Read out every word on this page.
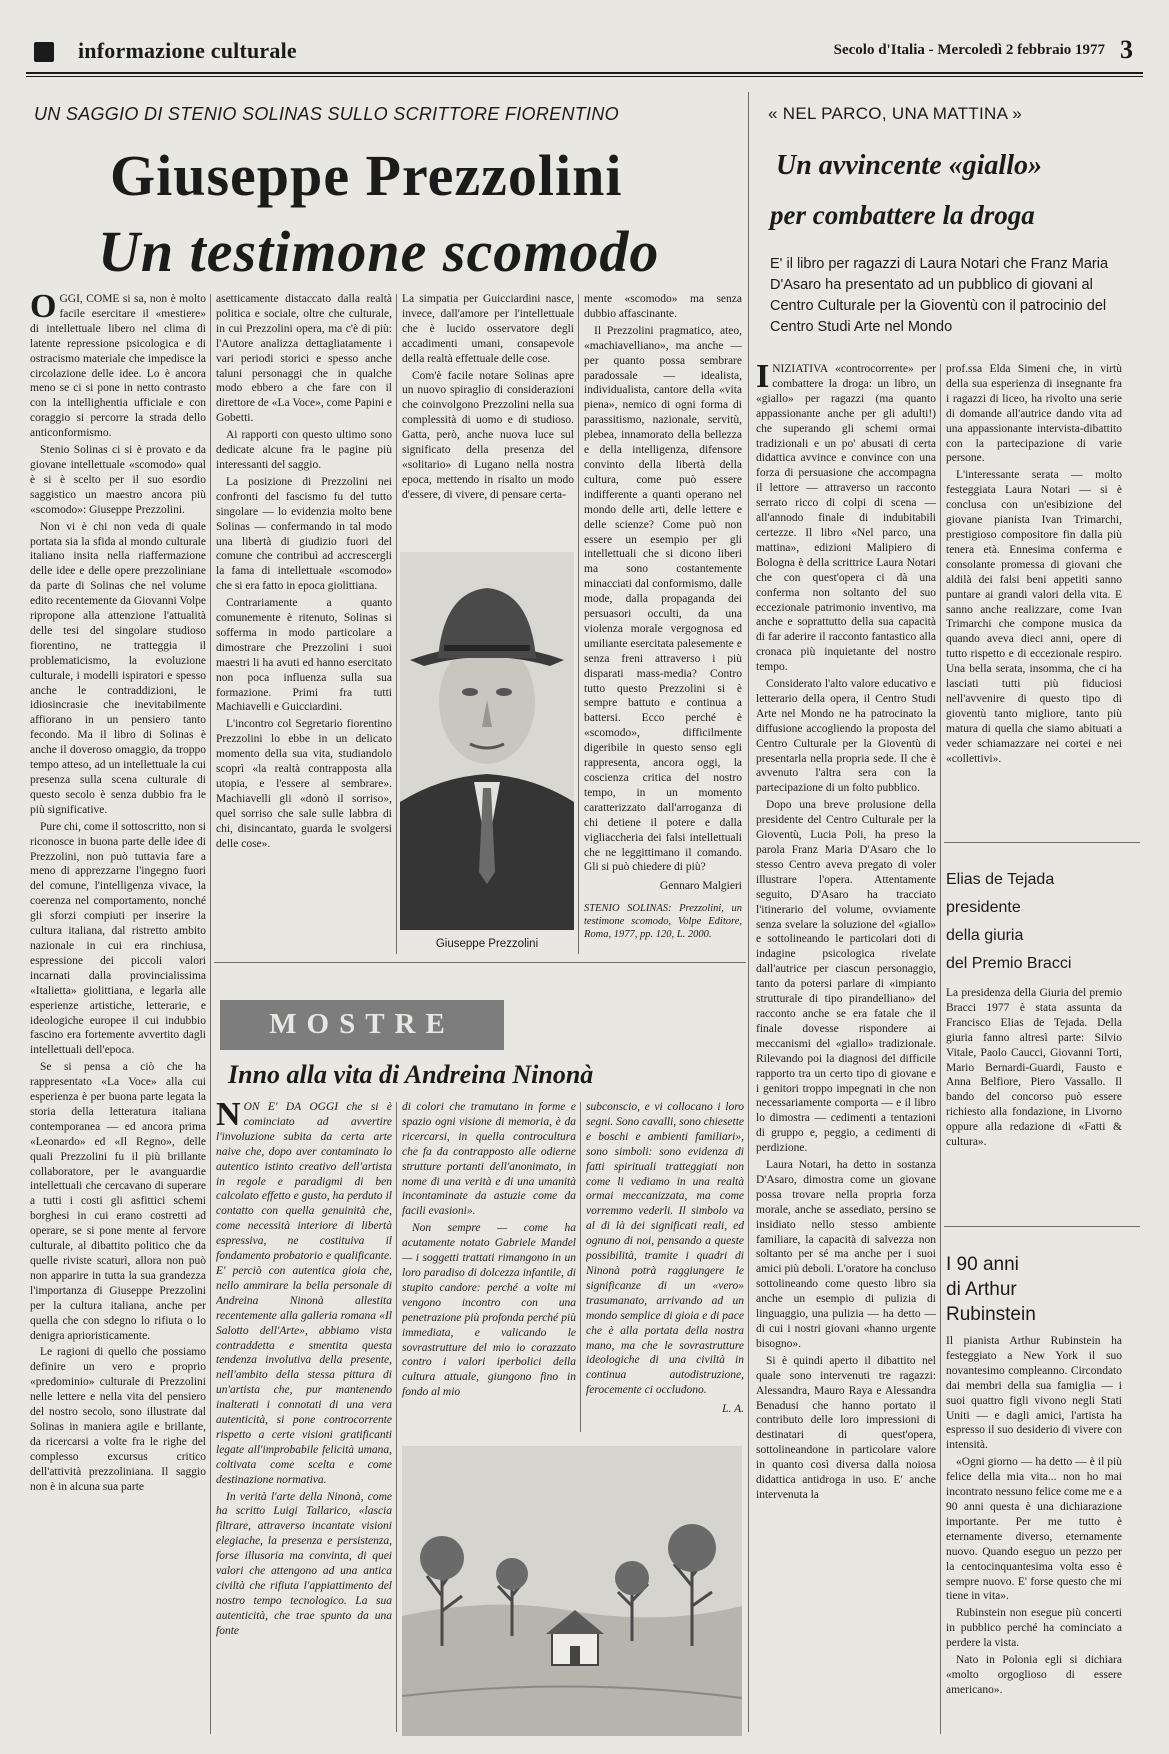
informazione culturale	Secolo d'Italia - Mercoledì 2 febbraio 1977 3
UN SAGGIO DI STENIO SOLINAS SULLO SCRITTORE FIORENTINO
Giuseppe Prezzolini
Un testimone scomodo

OGGI, COME si sa, non è molto facile esercitare il «mestiere» di intellettuale libero nel clima di latente repressione psicologica e di ostracismo materiale che impedisce la circolazione delle idee. Lo è ancora meno se ci si pone in netto contrasto con la intellighentia ufficiale e con coraggio si percorre la strada dello anticonformismo.

Stenio Solinas ci si è provato e da giovane intellettuale «scomodo» qual è si è scelto per il suo esordio saggistico un maestro ancora più «scomodo»: Giuseppe Prezzolini.

Non vi è chi non veda di quale portata sia la sfida al mondo culturale italiano insita nella riaffermazione delle idee e delle opere prezzoliniane da parte di Solinas che nel volume edito recentemente da Giovanni Volpe ripropone alla attenzione l'attualità delle tesi del singolare studioso fiorentino, ne tratteggia il problematicismo, la evoluzione culturale, i modelli ispiratori e spesso anche le contraddizioni, le idiosincrasie che inevitabilmente affiorano in un pensiero tanto fecondo. Ma il libro di Solinas è anche il doveroso omaggio, da troppo tempo atteso, ad un intellettuale la cui presenza sulla scena culturale di questo secolo è senza dubbio fra le più significative.

Pure chi, come il sottoscritto, non si riconosce in buona parte delle idee di Prezzolini, non può tuttavia fare a meno di apprezzarne l'ingegno fuori del comune, l'intelligenza vivace, la coerenza nel comportamento, nonché gli sforzi compiuti per inserire la cultura italiana, dal ristretto ambito nazionale in cui era rinchiusa, espressione dei piccoli valori incarnati dalla provincialissima «Italietta» giolittiana, e legarla alle esperienze artistiche, letterarie, e ideologiche europee il cui indubbio fascino era fortemente avvertito dagli intellettuali dell'epoca.

Se si pensa a ciò che ha rappresentato «La Voce» alla cui esperienza è per buona parte legata la storia della letteratura italiana contemporanea — ed ancora prima «Leonardo» ed «Il Regno», delle quali Prezzolini fu il più brillante collaboratore, per le avanguardie intellettuali che cercavano di superare a tutti i costi gli asfittici schemi borghesi in cui erano costretti ad operare, se si pone mente al fervore culturale, al dibattito politico che da quelle riviste scaturì, allora non può non apparire in tutta la sua grandezza l'importanza di Giuseppe Prezzolini per la cultura italiana, anche per quella che con sdegno lo rifiuta o lo denigra aprioristicamente.

Le ragioni di quello che possiamo definire un vero e proprio «predominio» culturale di Prezzolini nelle lettere e nella vita del pensiero del nostro secolo, sono illustrate dal Solinas in maniera agile e brillante, da ricercarsi a volte fra le righe del complesso excursus critico dell'attività prezzoliniana. Il saggio non è in alcuna sua parte

asetticamente distaccato dalla realtà politica e sociale, oltre che culturale, in cui Prezzolini opera, ma c'è di più: l'Autore analizza dettagliatamente i vari periodi storici e spesso anche taluni personaggi che in qualche modo ebbero a che fare con il direttore de «La Voce», come Papini e Gobetti.

Ai rapporti con questo ultimo sono dedicate alcune fra le pagine più interessanti del saggio.

La posizione di Prezzolini nei confronti del fascismo fu del tutto singolare — lo evidenzia molto bene Solinas — confermando in tal modo una libertà di giudizio fuori del comune che contribuì ad accrescergli la fama di intellettuale «scomodo» che si era fatto in epoca giolittiana.

Contrariamente a quanto comunemente è ritenuto, Solinas si sofferma in modo particolare a dimostrare che Prezzolini i suoi maestri li ha avuti ed hanno esercitato non poca influenza sulla sua formazione. Primi fra tutti Machiavelli e Guicciardini.

L'incontro col Segretario fiorentino Prezzolini lo ebbe in un delicato momento della sua vita, studiandolo scoprì «la realtà contrapposta alla utopia, e l'essere al sembrare». Machiavelli gli «donò il sorriso», quel sorriso che sale sulle labbra di chi, disincantato, guarda le svolgersi delle cose».

La simpatia per Guicciardini nasce, invece, dall'amore per l'intellettuale che è lucido osservatore degli accadimenti umani, consapevole della realtà effettuale delle cose.

Com'è facile notare Solinas apre un nuovo spiraglio di considerazioni che coinvolgono Prezzolini nella sua complessità di uomo e di studioso. Gatta, però, anche nuova luce sul significato della presenza del «solitario» di Lugano nella nostra epoca, mettendo in risalto un modo d'essere, di vivere, di pensare certa-

mente «scomodo» ma senza dubbio affascinante.

Il Prezzolini pragmatico, ateo, «machiavelliano», ma anche — per quanto possa sembrare paradossale — idealista, individualista, cantore della «vita piena», nemico di ogni forma di parassitismo, nazionale, servitù, plebea, innamorato della bellezza e della intelligenza, difensore convinto della libertà della cultura, come può essere indifferente a quanti operano nel mondo delle arti, delle lettere e delle scienze? Come può non essere un esempio per gli intellettuali che si dicono liberi ma sono costantemente minacciati dal conformismo, dalle mode, dalla propaganda dei persuasori occulti, da una violenza morale vergognosa ed umiliante esercitata palesemente e senza freni attraverso i più disparati mass-media? Contro tutto questo Prezzolini si è sempre battuto e continua a battersi. Ecco perché è «scomodo», difficilmente digeribile in questo senso egli rappresenta, ancora oggi, la coscienza critica del nostro tempo, in un momento caratterizzato dall'arroganza di chi detiene il potere e dalla vigliaccheria dei falsi intellettuali che ne leggittimano il comando. Gli si può chiedere di più?

Gennaro Malgieri

STENIO SOLINAS: Prezzolini, un testimone scomodo, Volpe Editore, Roma, 1977, pp. 120, L. 2000.

Giuseppe Prezzolini
MOSTRE
Inno alla vita di Andreina Ninonà

NON E' DA OGGI che si è cominciato ad avvertire l'involuzione subita da certa arte naive che, dopo aver contaminato lo autentico istinto creativo dell'artista in regole e paradigmi di ben calcolato effetto e gusto, ha perduto il contatto con quella genuinità che, come necessità interiore di libertà espressiva, ne costituiva il fondamento probatorio e qualificante. E' perciò con autentica gioia che, nello ammirare la bella personale di Andreina Ninonà allestita recentemente alla galleria romana «Il Salotto dell'Arte», abbiamo vista contraddetta e smentita questa tendenza involutiva della presente, nell'ambito della stessa pittura di un'artista che, pur mantenendo inalterati i connotati di una vera autenticità, si pone controcorrente rispetto a certe visioni gratificanti legate all'improbabile felicità umana, coltivata come scelta e come destinazione normativa.

In verità l'arte della Ninonà, come ha scritto Luigi Tallarico, «lascia filtrare, attraverso incantate visioni elegiache, la presenza e persistenza, forse illusoria ma convinta, di quei valori che attengono ad una antica civiltà che rifiuta l'appiattimento del nostro tempo tecnologico. La sua autenticità, che trae spunto da una fonte

di colori che tramutano in forme e spazio ogni visione di memoria, è da ricercarsi, in quella controcultura che fa da contrapposto alle odierne strutture portanti dell'anonimato, in nome di una verità e di una umanità incontaminate da astuzie come da facili evasioni».

Non sempre — come ha acutamente notato Gabriele Mandel — i soggetti trattati rimangono in un loro paradiso di dolcezza infantile, di stupito candore: perché a volte mi vengono incontro con una penetrazione più profonda perché più immediata, e valicando le sovrastrutture del mio io corazzato contro i valori iperbolici della cultura attuale, giungono fino in fondo al mio

subconscio, e vi collocano i loro segni. Sono cavalli, sono chiesette e boschi e ambienti familiari», sono simboli: sono evidenza di fatti spirituali tratteggiati non come li vediamo in una realtà ormai meccanizzata, ma come vorremmo vederli. Il simbolo va al di là dei significati reali, ed ognuno di noi, pensando a queste possibilità, tramite i quadri di Ninonà potrà raggiungere le significanze di un «vero» trasumanato, arrivando ad un mondo semplice di gioia e di pace che è alla portata della nostra mano, ma che le sovrastrutture ideologiche di una civiltà in continua autodistruzione, ferocemente ci occludono.

L. A.

« NEL PARCO, UNA MATTINA »
Un avvincente «giallo»
per combattere la droga
E' il libro per ragazzi di Laura Notari che Franz Maria D'Asaro ha presentato ad un pubblico di giovani al Centro Culturale per la Gioventù con il patrocinio del Centro Studi Arte nel Mondo

INIZIATIVA «controcorrente» per combattere la droga: un libro, un «giallo» per ragazzi (ma quanto appassionante anche per gli adulti!) che superando gli schemi ormai tradizionali e un po' abusati di certa didattica avvince e convince con una forza di persuasione che accompagna il lettore — attraverso un racconto serrato ricco di colpi di scena — all'annodo finale di indubitabili certezze. Il libro «Nel parco, una mattina», edizioni Malipiero di Bologna è della scrittrice Laura Notari che con quest'opera ci dà una conferma non soltanto del suo eccezionale patrimonio inventivo, ma anche e soprattutto della sua capacità di far aderire il racconto fantastico alla cronaca più inquietante del nostro tempo.

Considerato l'alto valore educativo e letterario della opera, il Centro Studi Arte nel Mondo ne ha patrocinato la diffusione accogliendo la proposta del Centro Culturale per la Gioventù di presentarla nella propria sede. Il che è avvenuto l'altra sera con la partecipazione di un folto pubblico.

Dopo una breve prolusione della presidente del Centro Culturale per la Gioventù, Lucia Poli, ha preso la parola Franz Maria D'Asaro che lo stesso Centro aveva pregato di voler illustrare l'opera. Attentamente seguito, D'Asaro ha tracciato l'itinerario del volume, ovviamente senza svelare la soluzione del «giallo» e sottolineando le particolari doti di indagine psicologica rivelate dall'autrice per ciascun personaggio, tanto da potersi parlare di «impianto strutturale di tipo pirandelliano» del racconto anche se era fatale che il finale dovesse rispondere ai meccanismi del «giallo» tradizionale. Rilevando poi la diagnosi del difficile rapporto tra un certo tipo di giovane e i genitori troppo impegnati in che non necessariamente comporta — e il libro lo dimostra — cedimenti a tentazioni di gruppo e, peggio, a cedimenti di perdizione.

Laura Notari, ha detto in sostanza D'Asaro, dimostra come un giovane possa trovare nella propria forza morale, anche se assediato, persino se insidiato nello stesso ambiente familiare, la capacità di salvezza non soltanto per sé ma anche per i suoi amici più deboli. L'oratore ha concluso sottolineando come questo libro sia anche un esempio di pulizia di linguaggio, una pulizia — ha detto — di cui i nostri giovani «hanno urgente bisogno».

Si è quindi aperto il dibattito nel quale sono intervenuti tre ragazzi: Alessandra, Mauro Raya e Alessandra Benadusi che hanno portato il contributo delle loro impressioni di destinatari di quest'opera, sottolineandone in particolare valore in quanto così diversa dalla noiosa didattica antidroga in uso. E' anche intervenuta la

prof.ssa Elda Simeni che, in virtù della sua esperienza di insegnante fra i ragazzi di liceo, ha rivolto una serie di domande all'autrice dando vita ad una appassionante intervista-dibattito con la partecipazione di varie persone.

L'interessante serata — molto festeggiata Laura Notari — si è conclusa con un'esibizione del giovane pianista Ivan Trimarchi, prestigioso compositore fin dalla più tenera età. Ennesima conferma e consolante promessa di giovani che aldilà dei falsi beni appetiti sanno puntare ai grandi valori della vita. E sanno anche realizzare, come Ivan Trimarchi che compone musica da quando aveva dieci anni, opere di tutto rispetto e di eccezionale respiro. Una bella serata, insomma, che ci ha lasciati tutti più fiduciosi nell'avvenire di questo tipo di gioventù tanto migliore, tanto più matura di quella che siamo abituati a veder schiamazzare nei cortei e nei «collettivi».

Elias de Tejada
presidente
della giuria
del Premio Bracci

La presidenza della Giuria del premio Bracci 1977 è stata assunta da Francisco Elias de Tejada. Della giuria fanno altresì parte: Silvio Vitale, Paolo Caucci, Giovanni Torti, Mario Bernardi-Guardi, Fausto e Anna Belfiore, Piero Vassallo. Il bando del concorso può essere richiesto alla fondazione, in Livorno oppure alla redazione di «Fatti & cultura».

I 90 anni
di Arthur
Rubinstein

Il pianista Arthur Rubinstein ha festeggiato a New York il suo novantesimo compleanno. Circondato dai membri della sua famiglia — i suoi quattro figli vivono negli Stati Uniti — e dagli amici, l'artista ha espresso il suo desiderio di vivere con intensità.

«Ogni giorno — ha detto — è il più felice della mia vita... non ho mai incontrato nessuno felice come me e a 90 anni questa è una dichiarazione importante. Per me tutto è eternamente diverso, eternamente nuovo. Quando eseguo un pezzo per la centocinquantesima volta esso è sempre nuovo. E' forse questo che mi tiene in vita».

Rubinstein non esegue più concerti in pubblico perché ha cominciato a perdere la vista.

Nato in Polonia egli si dichiara «molto orgoglioso di essere americano».
